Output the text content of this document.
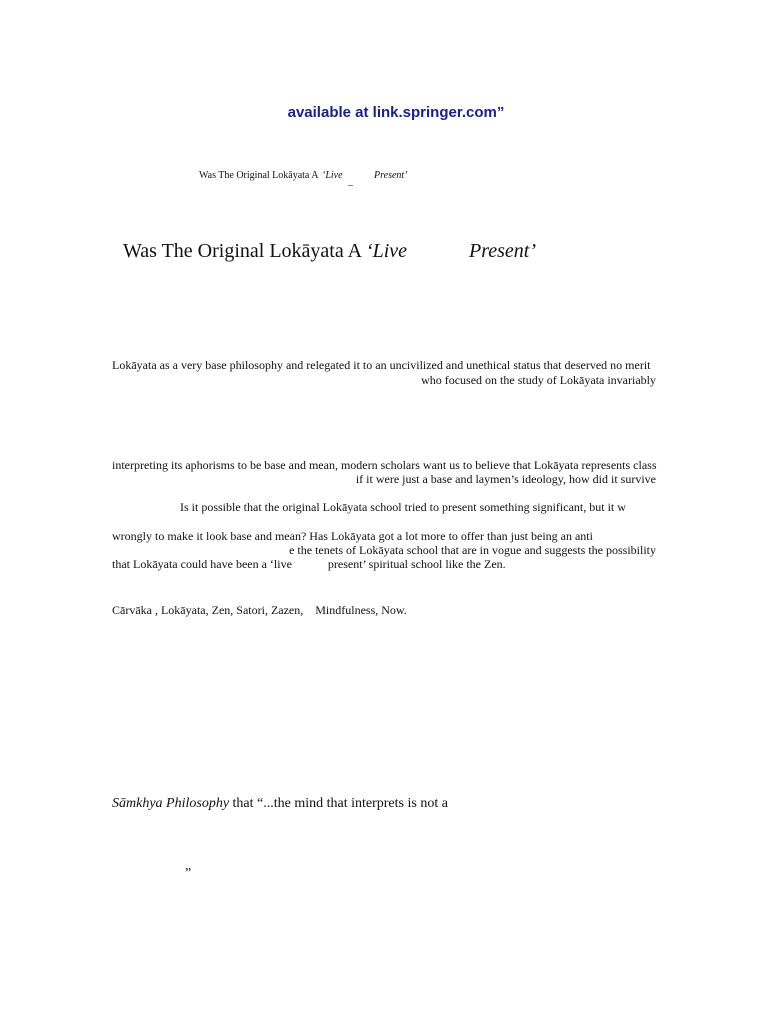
available at link.springer.com”
Was The Original Lokāyata A ‘Live	Present’
–
Was The Original Lokāyata A ‘Live	Present’
Lokāyata as a very base philosophy and relegated it to an uncivilized and unethical status that deserved no merit
who focused on the study of Lokāyata invariably
interpreting its aphorisms to be base and mean, modern scholars want us to believe that Lokāyata represents class
if it were just a base and laymen’s ideology, how did it survive
Is it possible that the original Lokāyata school tried to present something significant, but it w
wrongly to make it look base and mean? Has Lokāyata got a lot more to offer than just being an anti
e the tenets of Lokāyata school that are in vogue and suggests the possibility
that Lokāyata could have been a ‘live            present’ spiritual school like the Zen.
Cārvāka , Lokāyata, Zen, Satori, Zazen,    Mindfulness, Now.
Sāmkhya Philosophy that “...the mind that interprets is not a
”
